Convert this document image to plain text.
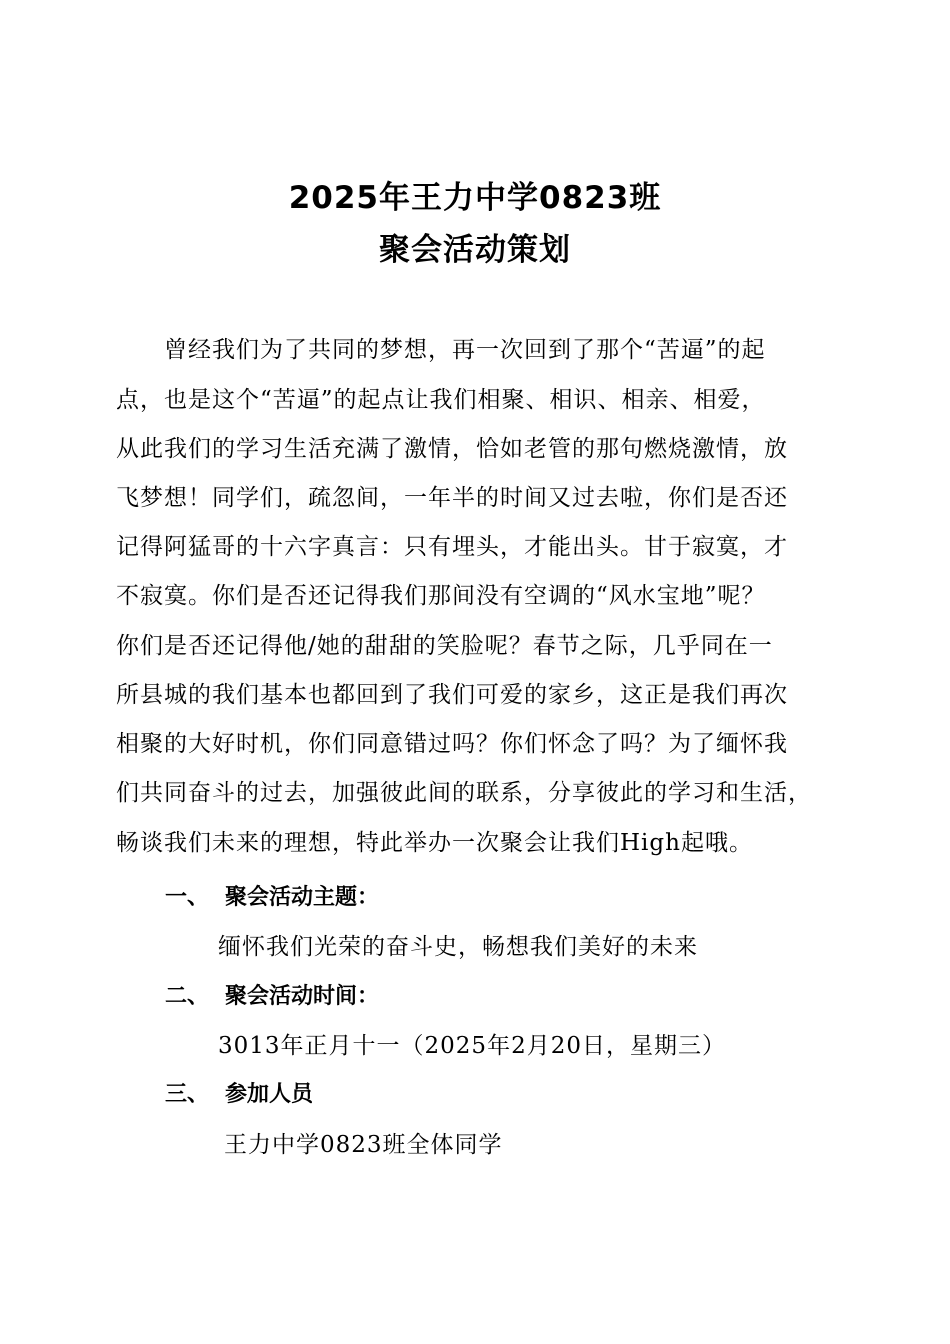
2025年王力中学0823班
聚会活动策划
曾经我们为了共同的梦想，再一次回到了那个“苦逼”的起
点，也是这个“苦逼”的起点让我们相聚、相识、相亲、相爱，
从此我们的学习生活充满了激情，恰如老管的那句燃烧激情，放
飞梦想！同学们，疏忽间，一年半的时间又过去啦，你们是否还
记得阿猛哥的十六字真言：只有埋头，才能出头。甘于寂寞，才
不寂寞。你们是否还记得我们那间没有空调的“风水宝地”呢？
你们是否还记得他/她的甜甜的笑脸呢？春节之际，几乎同在一
所县城的我们基本也都回到了我们可爱的家乡，这正是我们再次
相聚的大好时机，你们同意错过吗？你们怀念了吗？为了缅怀我
们共同奋斗的过去，加强彼此间的联系，分享彼此的学习和生活，
畅谈我们未来的理想，特此举办一次聚会让我们High起哦。
一、 聚会活动主题：
缅怀我们光荣的奋斗史，畅想我们美好的未来
二、 聚会活动时间：
3013年正月十一（2025年2月20日，星期三）
三、 参加人员
王力中学0823班全体同学
